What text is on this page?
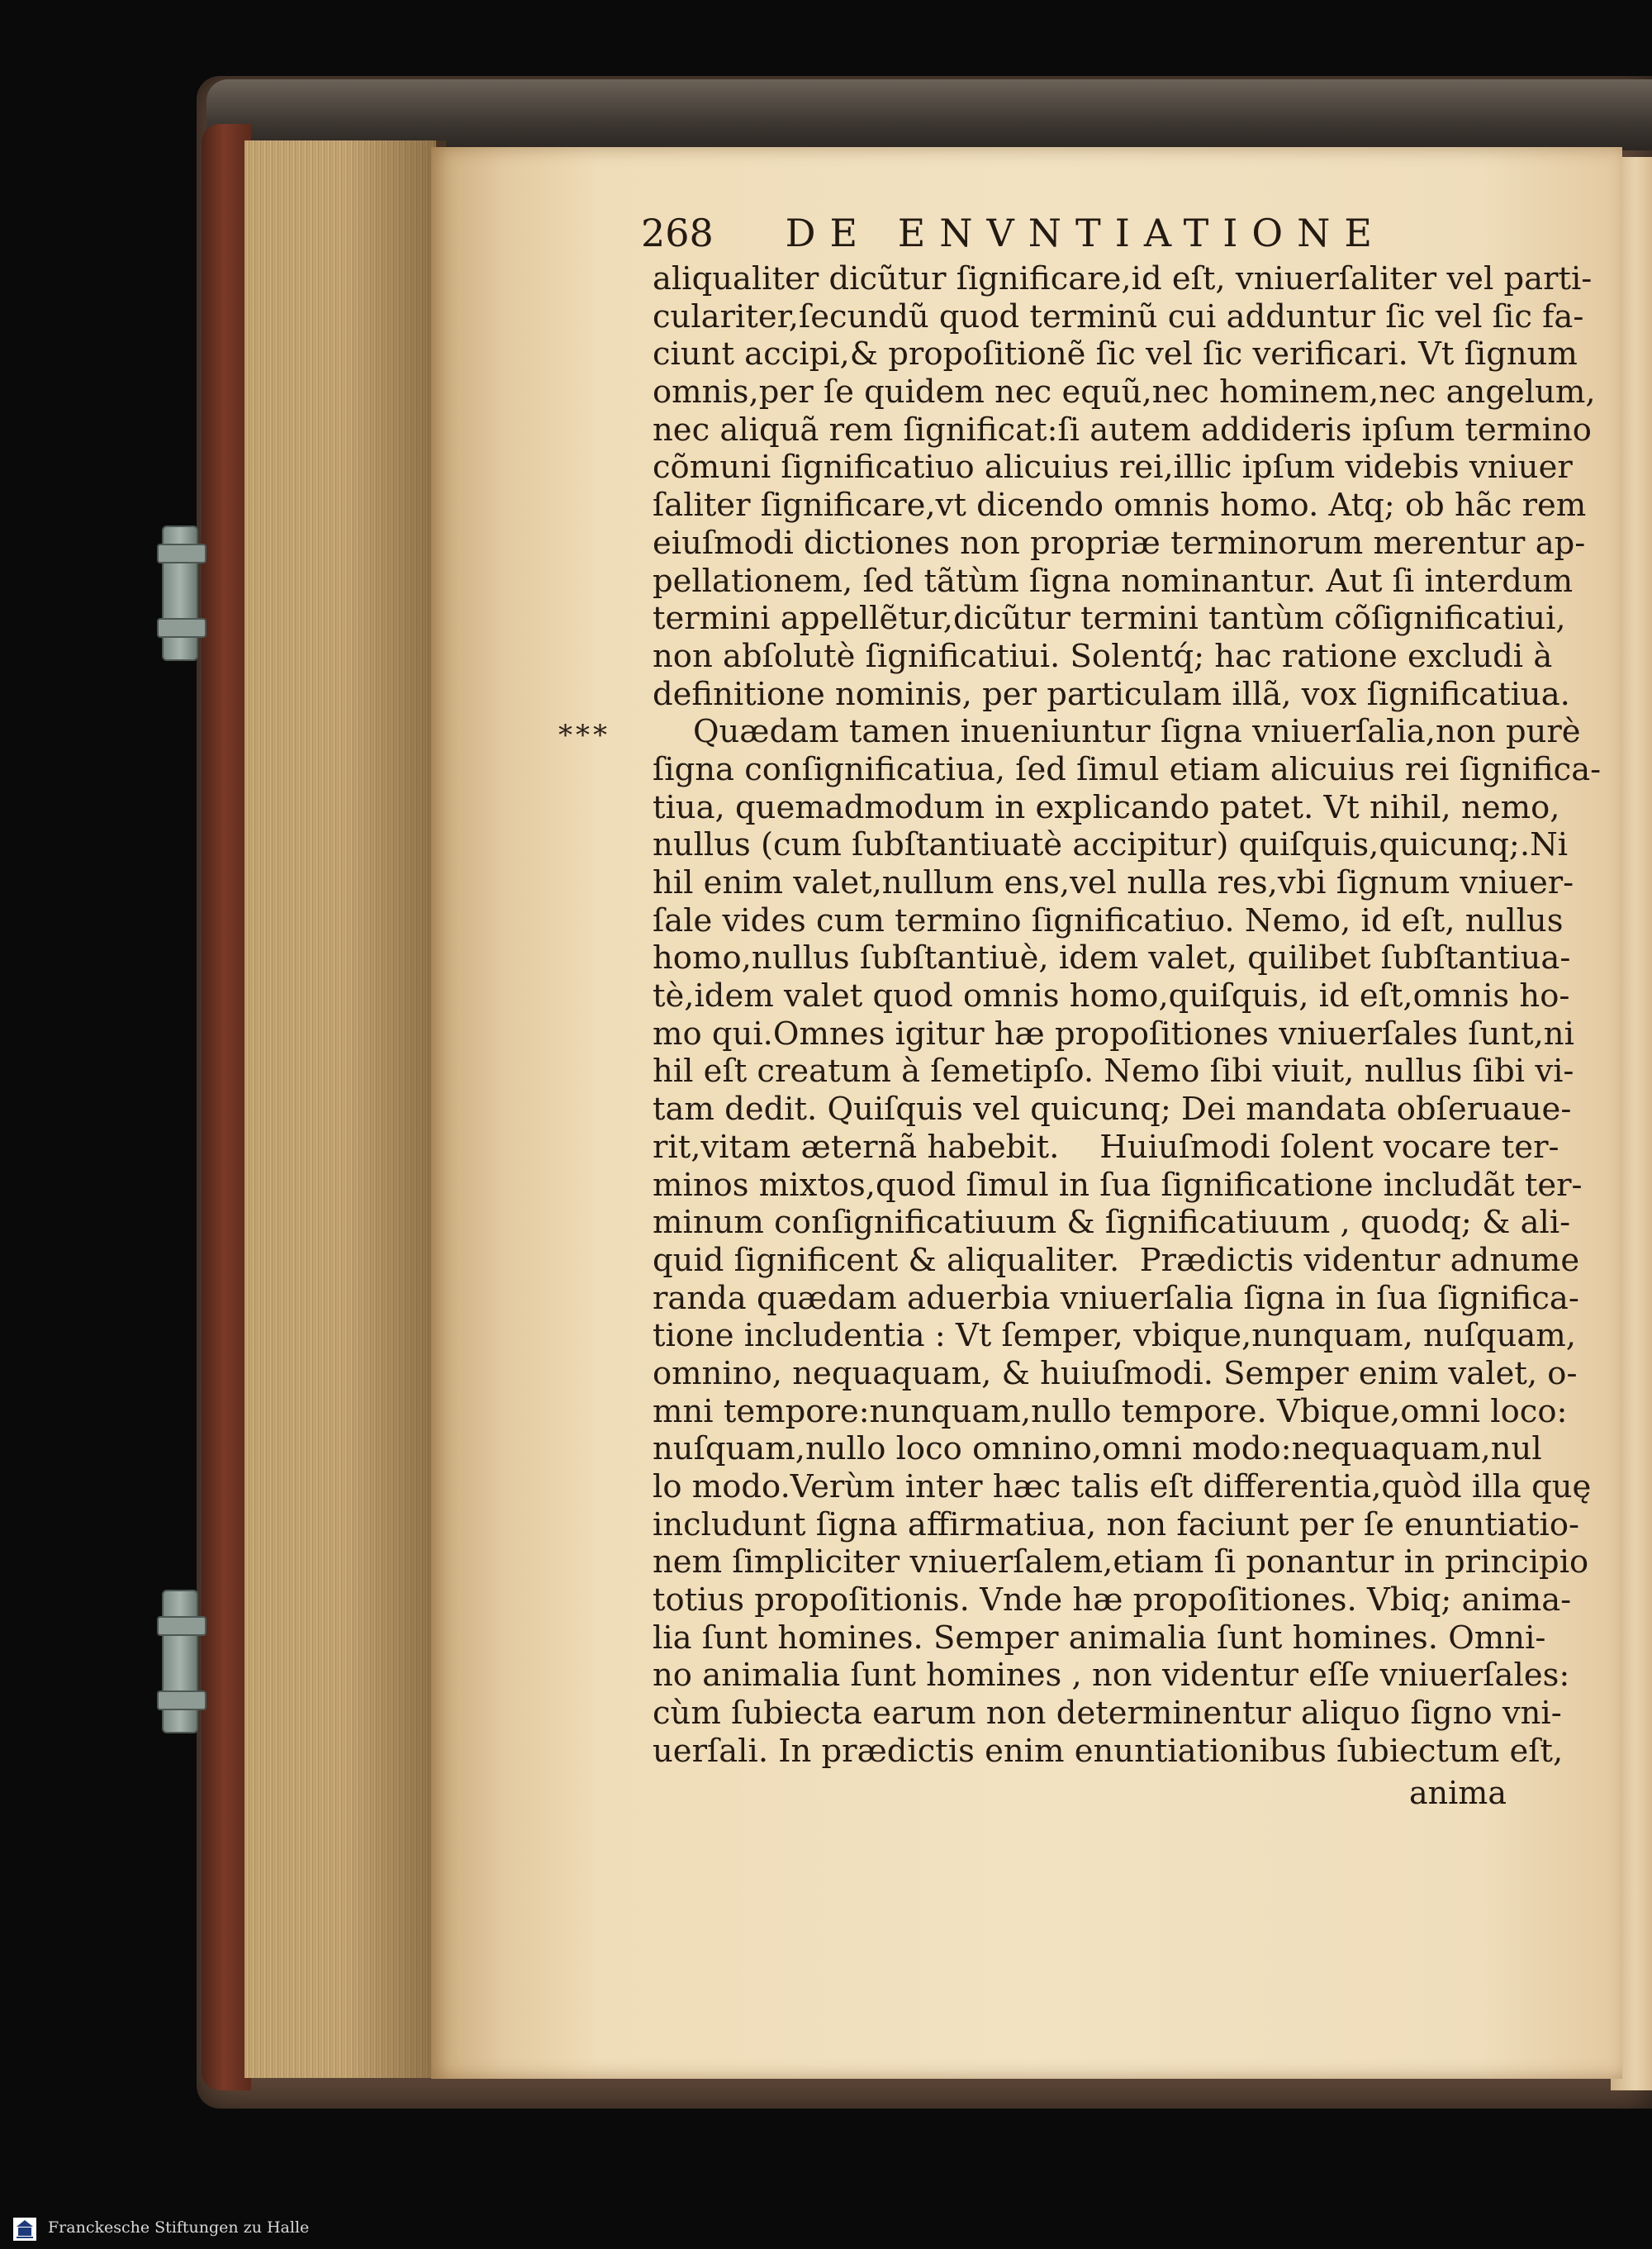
268 DE ENVNTIATIONE
***
aliqualiter dicũtur ſignificare,id eſt, vniuerſaliter vel parti-
culariter,ſecundũ quod terminũ cui adduntur ſic vel ſic fa-
ciunt accipi,& propoſitionẽ ſic vel ſic verificari. Vt ſignum
omnis,per ſe quidem nec equũ,nec hominem,nec angelum,
nec aliquã rem ſignificat:ſi autem addideris ipſum termino
cõmuni ſignificatiuo alicuius rei,illic ipſum videbis vniuer
ſaliter ſignificare,vt dicendo omnis homo. Atq; ob hãc rem
eiuſmodi dictiones non propriæ terminorum merentur ap-
pellationem, ſed tãtùm ſigna nominantur. Aut ſi interdum
termini appellẽtur,dicũtur termini tantùm cõſignificatiui,
non abſolutè ſignificatiui. Solentq́; hac ratione excludi à
definitione nominis, per particulam illã, vox ſignificatiua.
Quædam tamen inueniuntur ſigna vniuerſalia,non purè
ſigna conſignificatiua, ſed ſimul etiam alicuius rei ſignifica-
tiua, quemadmodum in explicando patet. Vt nihil, nemo,
nullus (cum ſubſtantiuatè accipitur) quiſquis,quicunq;.Ni
hil enim valet,nullum ens,vel nulla res,vbi ſignum vniuer-
ſale vides cum termino ſignificatiuo. Nemo, id eſt, nullus
homo,nullus ſubſtantiuè, idem valet, quilibet ſubſtantiua-
tè,idem valet quod omnis homo,quiſquis, id eſt,omnis ho-
mo qui.Omnes igitur hæ propoſitiones vniuerſales ſunt,ni
hil eſt creatum à ſemetipſo. Nemo ſibi viuit, nullus ſibi vi-
tam dedit. Quiſquis vel quicunq; Dei mandata obſeruaue-
rit,vitam æternã habebit.    Huiuſmodi ſolent vocare ter-
minos mixtos,quod ſimul in ſua ſignificatione includãt ter-
minum conſignificatiuum & ſignificatiuum , quodq; & ali-
quid ſignificent & aliqualiter.  Prædictis videntur adnume
randa quædam aduerbia vniuerſalia ſigna in ſua ſignifica-
tione includentia : Vt ſemper, vbique,nunquam, nuſquam,
omnino, nequaquam, & huiuſmodi. Semper enim valet, o-
mni tempore:nunquam,nullo tempore. Vbique,omni loco:
nuſquam,nullo loco omnino,omni modo:nequaquam,nul
lo modo.Verùm inter hæc talis eſt differentia,quòd illa quę
includunt ſigna affirmatiua, non faciunt per ſe enuntiatio-
nem ſimpliciter vniuerſalem,etiam ſi ponantur in principio
totius propoſitionis. Vnde hæ propoſitiones. Vbiq; anima-
lia ſunt homines. Semper animalia ſunt homines. Omni-
no animalia ſunt homines , non videntur eſſe vniuerſales:
cùm ſubiecta earum non determinentur aliquo ſigno vni-
uerſali. In prædictis enim enuntiationibus ſubiectum eſt,
anima
Franckesche Stiftungen zu Halle
